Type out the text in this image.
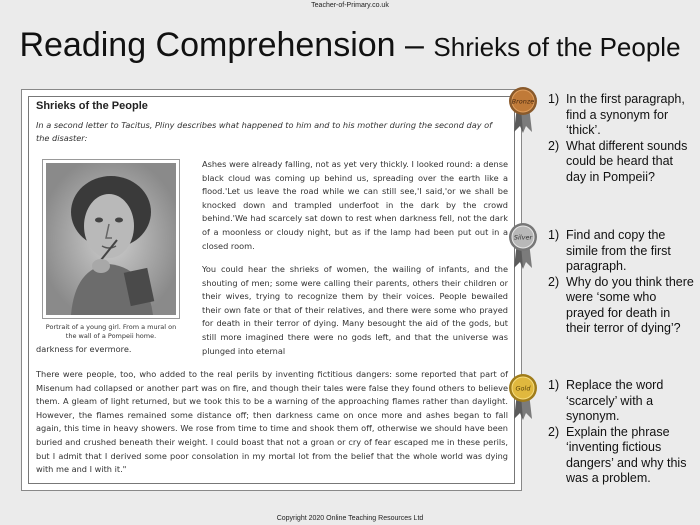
Teacher-of-Primary.co.uk
Reading Comprehension – Shrieks of the People
Shrieks of the People
In a second letter to Tacitus, Pliny describes what happened to him and to his mother during the second day of the disaster:
Portrait of a young girl. From a mural on the wall of a Pompeii home.
Ashes were already falling, not as yet very thickly. I looked round: a dense black cloud was coming up behind us, spreading over the earth like a flood.'Let us leave the road while we can still see,'I said,'or we shall be knocked down and trampled underfoot in the dark by the crowd behind.'We had scarcely sat down to rest when darkness fell, not the dark of a moonless or cloudy night, but as if the lamp had been put out in a closed room.
You could hear the shrieks of women, the wailing of infants, and the shouting of men; some were calling their parents, others their children or their wives, trying to recognize them by their voices. People bewailed their own fate or that of their relatives, and there were some who prayed for death in their terror of dying. Many besought the aid of the gods, but still more imagined there were no gods left, and that the universe was plunged into eternal
darkness for evermore.
There were people, too, who added to the real perils by inventing fictitious dangers: some reported that part of Misenum had collapsed or another part was on fire, and though their tales were false they found others to believe them. A gleam of light returned, but we took this to be a warning of the approaching flames rather than daylight. However, the flames remained some distance off; then darkness came on once more and ashes began to fall again, this time in heavy showers. We rose from time to time and shook them off, otherwise we should have been buried and crushed beneath their weight. I could boast that not a groan or cry of fear escaped me in these perils, but I admit that I derived some poor consolation in my mortal lot from the belief that the whole world was dying with me and I with it."
Bronze
Silver
Gold
1) In the first paragraph, find a synonym for ‘thick’.
2) What different sounds could be heard that day in Pompeii?
1) Find and copy the simile from the first paragraph.
2) Why do you think there were ‘some who prayed for death in their terror of dying’?
1) Replace the word ‘scarcely’ with a synonym.
2) Explain the phrase ‘inventing fictious dangers’ and why this was a problem.
Copyright 2020 Online Teaching Resources Ltd
